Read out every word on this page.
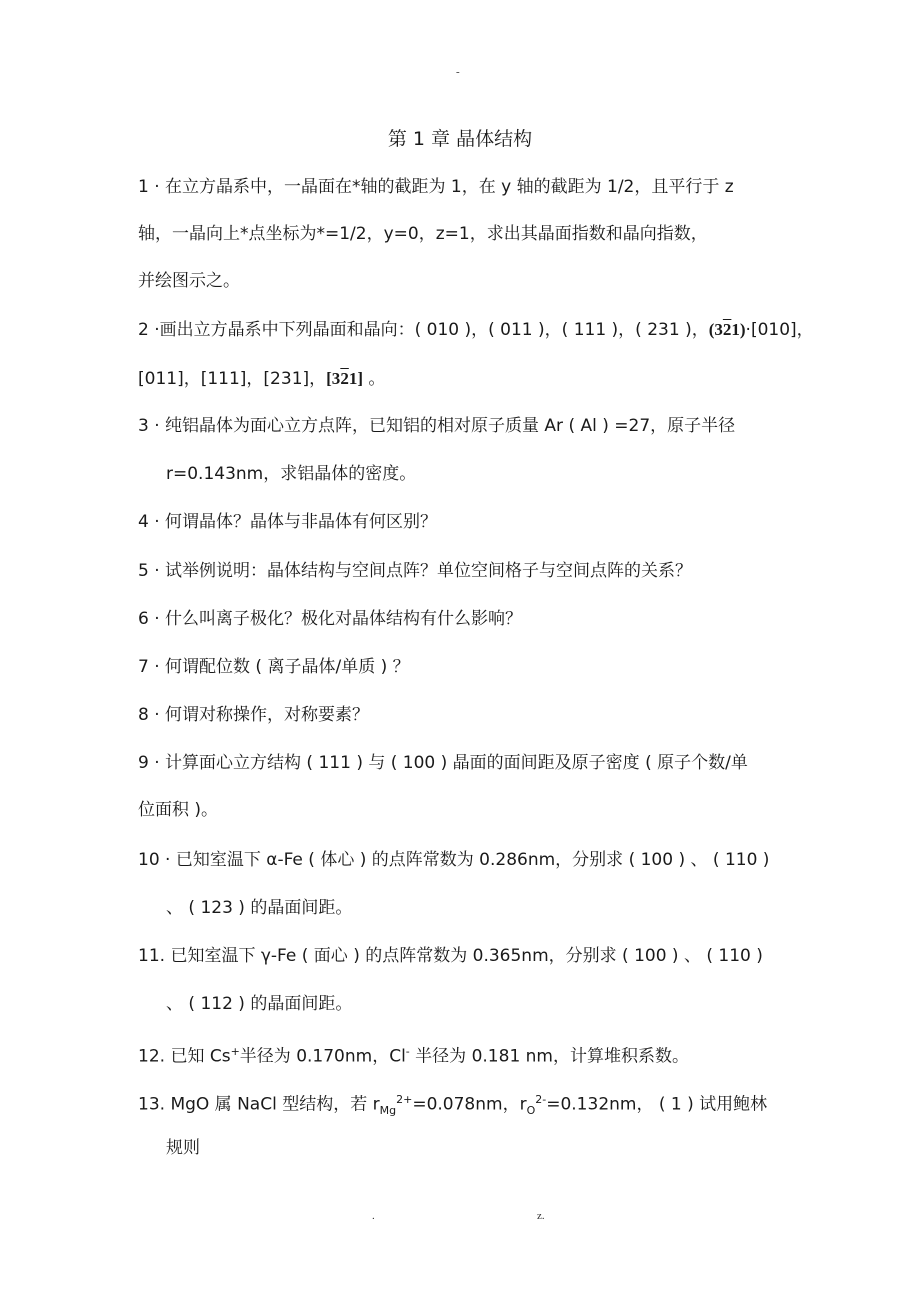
-
第 1 章 晶体结构
1 · 在立方晶系中，一晶面在*轴的截距为 1，在 y 轴的截距为 1/2，且平行于 z
轴，一晶向上*点坐标为*=1/2，y=0，z=1，求出其晶面指数和晶向指数，
并绘图示之。
2 ·画出立方晶系中下列晶面和晶向：( 010 )，( 011 )，( 111 )，( 231 )，(321)·[010]，
[011]，[111]，[231]，[321] 。
3 · 纯铝晶体为面心立方点阵，已知铝的相对原子质量 Ar ( Al ) =27，原子半径
r=0.143nm，求铝晶体的密度。
4 · 何谓晶体？晶体与非晶体有何区别？
5 · 试举例说明：晶体结构与空间点阵？单位空间格子与空间点阵的关系？
6 · 什么叫离子极化？极化对晶体结构有什么影响？
7 · 何谓配位数 ( 离子晶体/单质 ) ？
8 · 何谓对称操作，对称要素？
9 · 计算面心立方结构 ( 111 ) 与 ( 100 ) 晶面的面间距及原子密度 ( 原子个数/单
位面积 )。
10 · 已知室温下 α-Fe ( 体心 ) 的点阵常数为 0.286nm，分别求 ( 100 ) 、 ( 110 )
、 ( 123 ) 的晶面间距。
11. 已知室温下 γ-Fe ( 面心 ) 的点阵常数为 0.365nm，分别求 ( 100 ) 、 ( 110 )
、 ( 112 ) 的晶面间距。
12. 已知 Cs+半径为 0.170nm，Cl- 半径为 0.181 nm，计算堆积系数。
13. MgO 属 NaCl 型结构，若 $r_{Mg}^{2+}=0.078nm$，$r_O^{2-}=0.132nm$， ( 1 ) 试用鲍林
规则
.	z.
